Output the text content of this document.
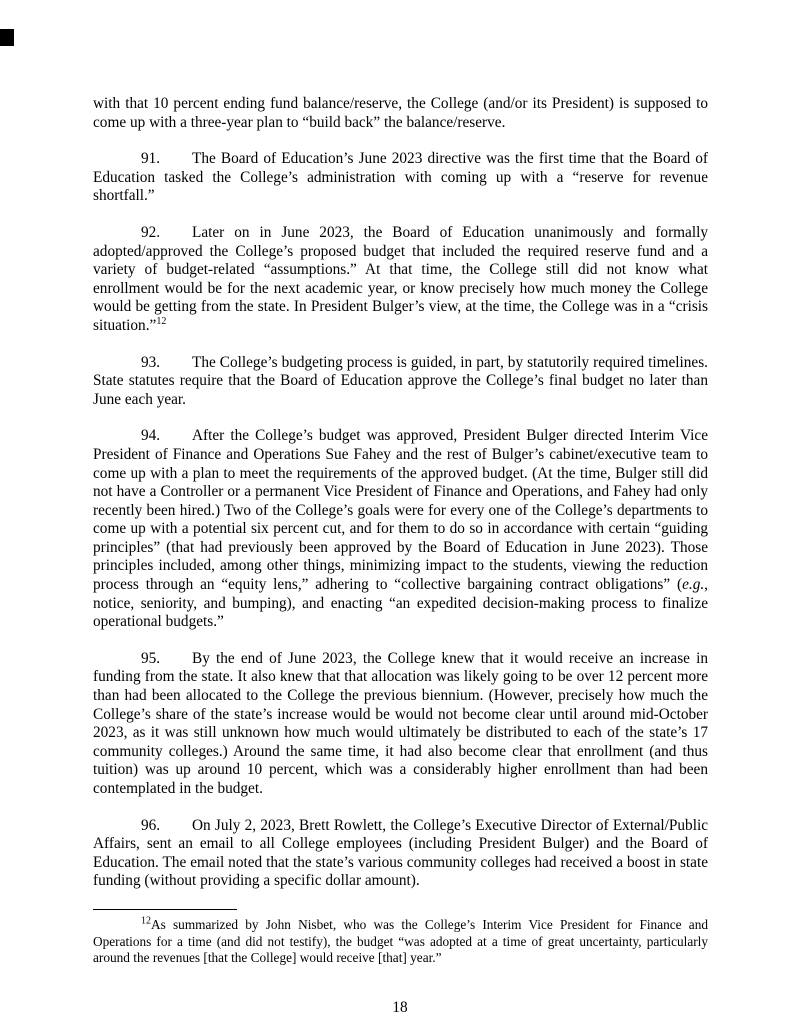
with that 10 percent ending fund balance/reserve, the College (and/or its President) is supposed to come up with a three-year plan to “build back” the balance/reserve.

91. The Board of Education’s June 2023 directive was the first time that the Board of Education tasked the College’s administration with coming up with a “reserve for revenue shortfall.”

92. Later on in June 2023, the Board of Education unanimously and formally adopted/approved the College’s proposed budget that included the required reserve fund and a variety of budget-related “assumptions.” At that time, the College still did not know what enrollment would be for the next academic year, or know precisely how much money the College would be getting from the state. In President Bulger’s view, at the time, the College was in a “crisis situation.”$^{12}$

93. The College’s budgeting process is guided, in part, by statutorily required timelines. State statutes require that the Board of Education approve the College’s final budget no later than June each year.

94. After the College’s budget was approved, President Bulger directed Interim Vice President of Finance and Operations Sue Fahey and the rest of Bulger’s cabinet/executive team to come up with a plan to meet the requirements of the approved budget. (At the time, Bulger still did not have a Controller or a permanent Vice President of Finance and Operations, and Fahey had only recently been hired.) Two of the College’s goals were for every one of the College’s departments to come up with a potential six percent cut, and for them to do so in accordance with certain “guiding principles” (that had previously been approved by the Board of Education in June 2023). Those principles included, among other things, minimizing impact to the students, viewing the reduction process through an “equity lens,” adhering to “collective bargaining contract obligations” (e.g., notice, seniority, and bumping), and enacting “an expedited decision-making process to finalize operational budgets.”

95. By the end of June 2023, the College knew that it would receive an increase in funding from the state. It also knew that that allocation was likely going to be over 12 percent more than had been allocated to the College the previous biennium. (However, precisely how much the College’s share of the state’s increase would be would not become clear until around mid-October 2023, as it was still unknown how much would ultimately be distributed to each of the state’s 17 community colleges.) Around the same time, it had also become clear that enrollment (and thus tuition) was up around 10 percent, which was a considerably higher enrollment than had been contemplated in the budget.

96. On July 2, 2023, Brett Rowlett, the College’s Executive Director of External/Public Affairs, sent an email to all College employees (including President Bulger) and the Board of Education. The email noted that the state’s various community colleges had received a boost in state funding (without providing a specific dollar amount).

$^{12}$As summarized by John Nisbet, who was the College’s Interim Vice President for Finance and Operations for a time (and did not testify), the budget “was adopted at a time of great uncertainty, particularly around the revenues [that the College] would receive [that] year.”

18
